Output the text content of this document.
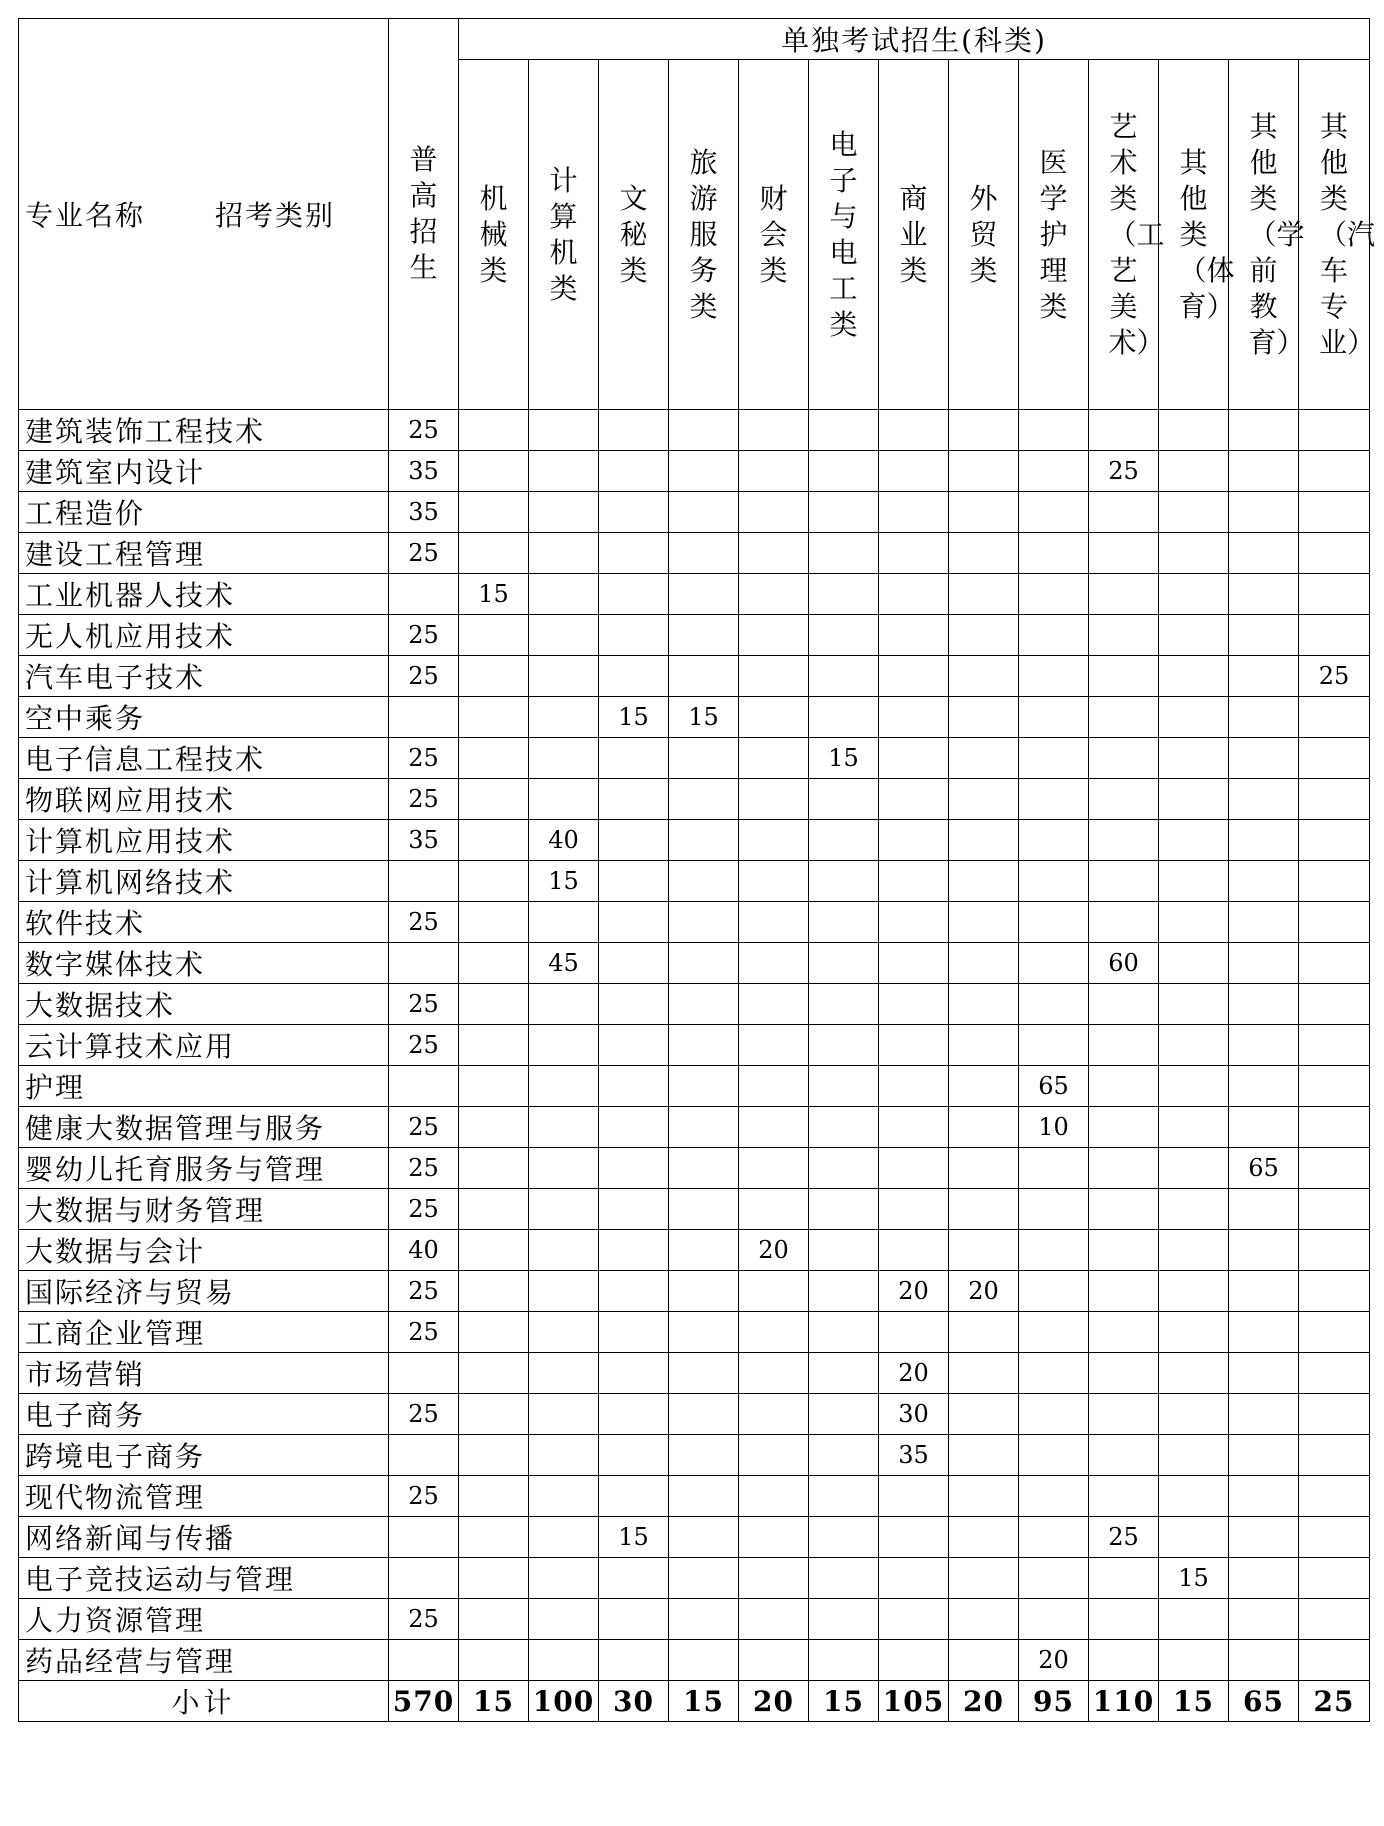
专业名称 招考类别	普高招生	单独考试招生(科类)												
		机械类	计算机类	文秘类	旅游服务类	财会类	电子与电工类	商业类	外贸类	医学护理类	艺术类（工艺美术）	其他类（体育）	其他类（学前教育）	其他类（汽车专业）
建筑装饰工程技术	25													
建筑室内设计	35										25			
工程造价	35													
建设工程管理	25													
工业机器人技术		15												
无人机应用技术	25													
汽车电子技术	25													25
空中乘务				15	15									
电子信息工程技术	25						15							
物联网应用技术	25													
计算机应用技术	35		40											
计算机网络技术			15											
软件技术	25													
数字媒体技术			45								60			
大数据技术	25													
云计算技术应用	25													
护理										65				
健康大数据管理与服务	25									10				
婴幼儿托育服务与管理	25												65	
大数据与财务管理	25													
大数据与会计	40					20								
国际经济与贸易	25							20	20					
工商企业管理	25													
市场营销								20						
电子商务	25							30						
跨境电子商务								35						
现代物流管理	25													
网络新闻与传播				15							25			
电子竞技运动与管理												15		
人力资源管理	25													
药品经营与管理										20				
小计	570	15	100	30	15	20	15	105	20	95	110	15	65	25
